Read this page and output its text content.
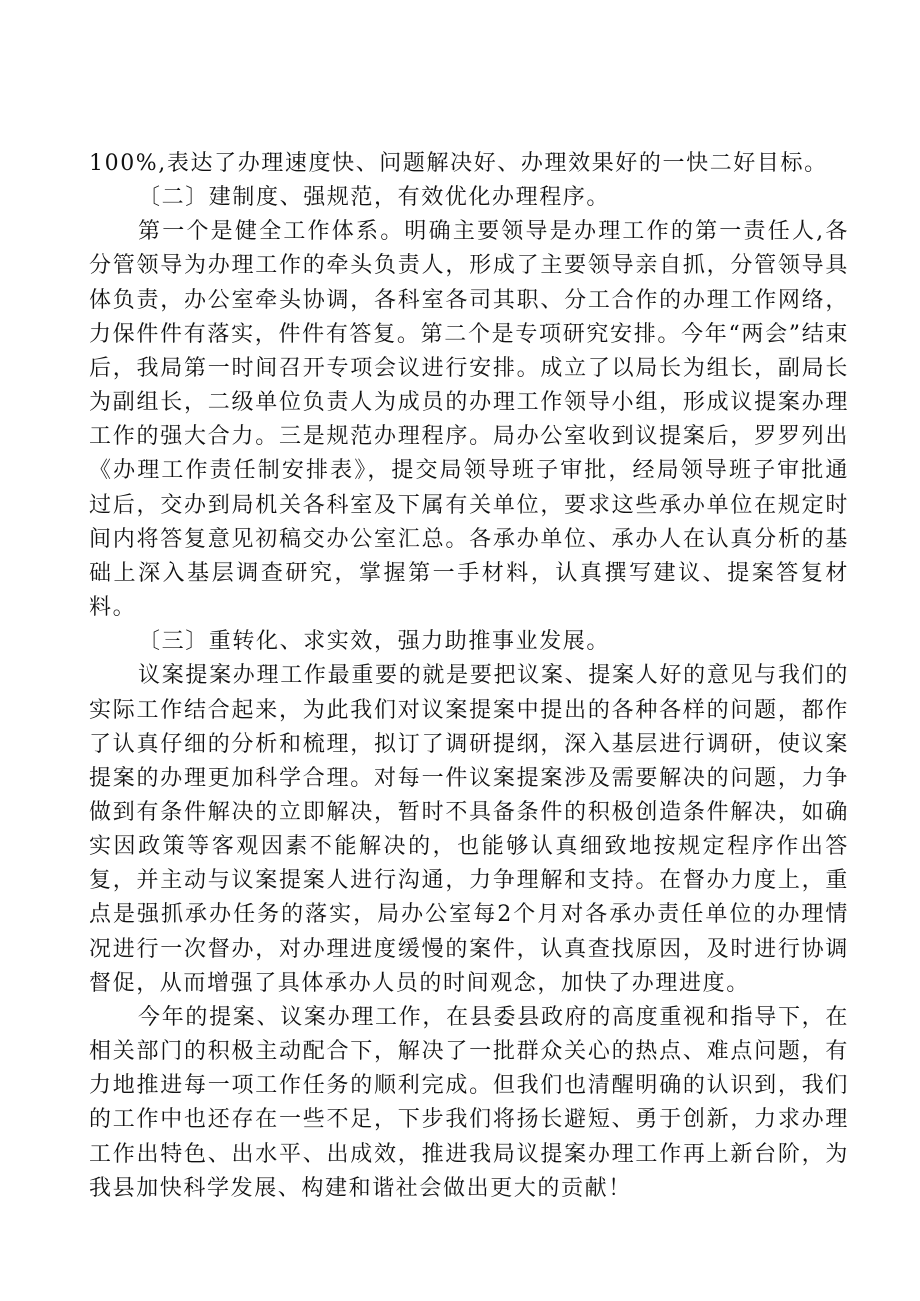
100%,表达了办理速度快、问题解决好、办理效果好的一快二好目标。

〔二〕建制度、强规范，有效优化办理程序。

第一个是健全工作体系。明确主要领导是办理工作的第一责任人,各分管领导为办理工作的牵头负责人，形成了主要领导亲自抓，分管领导具体负责，办公室牵头协调，各科室各司其职、分工合作的办理工作网络，力保件件有落实，件件有答复。第二个是专项研究安排。今年“两会”结束后，我局第一时间召开专项会议进行安排。成立了以局长为组长，副局长为副组长，二级单位负责人为成员的办理工作领导小组，形成议提案办理工作的强大合力。三是规范办理程序。局办公室收到议提案后，罗罗列出《办理工作责任制安排表》，提交局领导班子审批，经局领导班子审批通过后，交办到局机关各科室及下属有关单位，要求这些承办单位在规定时间内将答复意见初稿交办公室汇总。各承办单位、承办人在认真分析的基础上深入基层调查研究，掌握第一手材料，认真撰写建议、提案答复材料。

〔三〕重转化、求实效，强力助推事业发展。

议案提案办理工作最重要的就是要把议案、提案人好的意见与我们的实际工作结合起来，为此我们对议案提案中提出的各种各样的问题，都作了认真仔细的分析和梳理，拟订了调研提纲，深入基层进行调研，使议案提案的办理更加科学合理。对每一件议案提案涉及需要解决的问题，力争做到有条件解决的立即解决，暂时不具备条件的积极创造条件解决，如确实因政策等客观因素不能解决的，也能够认真细致地按规定程序作出答复，并主动与议案提案人进行沟通，力争理解和支持。在督办力度上，重点是强抓承办任务的落实，局办公室每2个月对各承办责任单位的办理情况进行一次督办，对办理进度缓慢的案件，认真查找原因，及时进行协调督促，从而增强了具体承办人员的时间观念，加快了办理进度。

今年的提案、议案办理工作，在县委县政府的高度重视和指导下，在相关部门的积极主动配合下，解决了一批群众关心的热点、难点问题，有力地推进每一项工作任务的顺利完成。但我们也清醒明确的认识到，我们的工作中也还存在一些不足，下步我们将扬长避短、勇于创新，力求办理工作出特色、出水平、出成效，推进我局议提案办理工作再上新台阶，为我县加快科学发展、构建和谐社会做出更大的贡献！
